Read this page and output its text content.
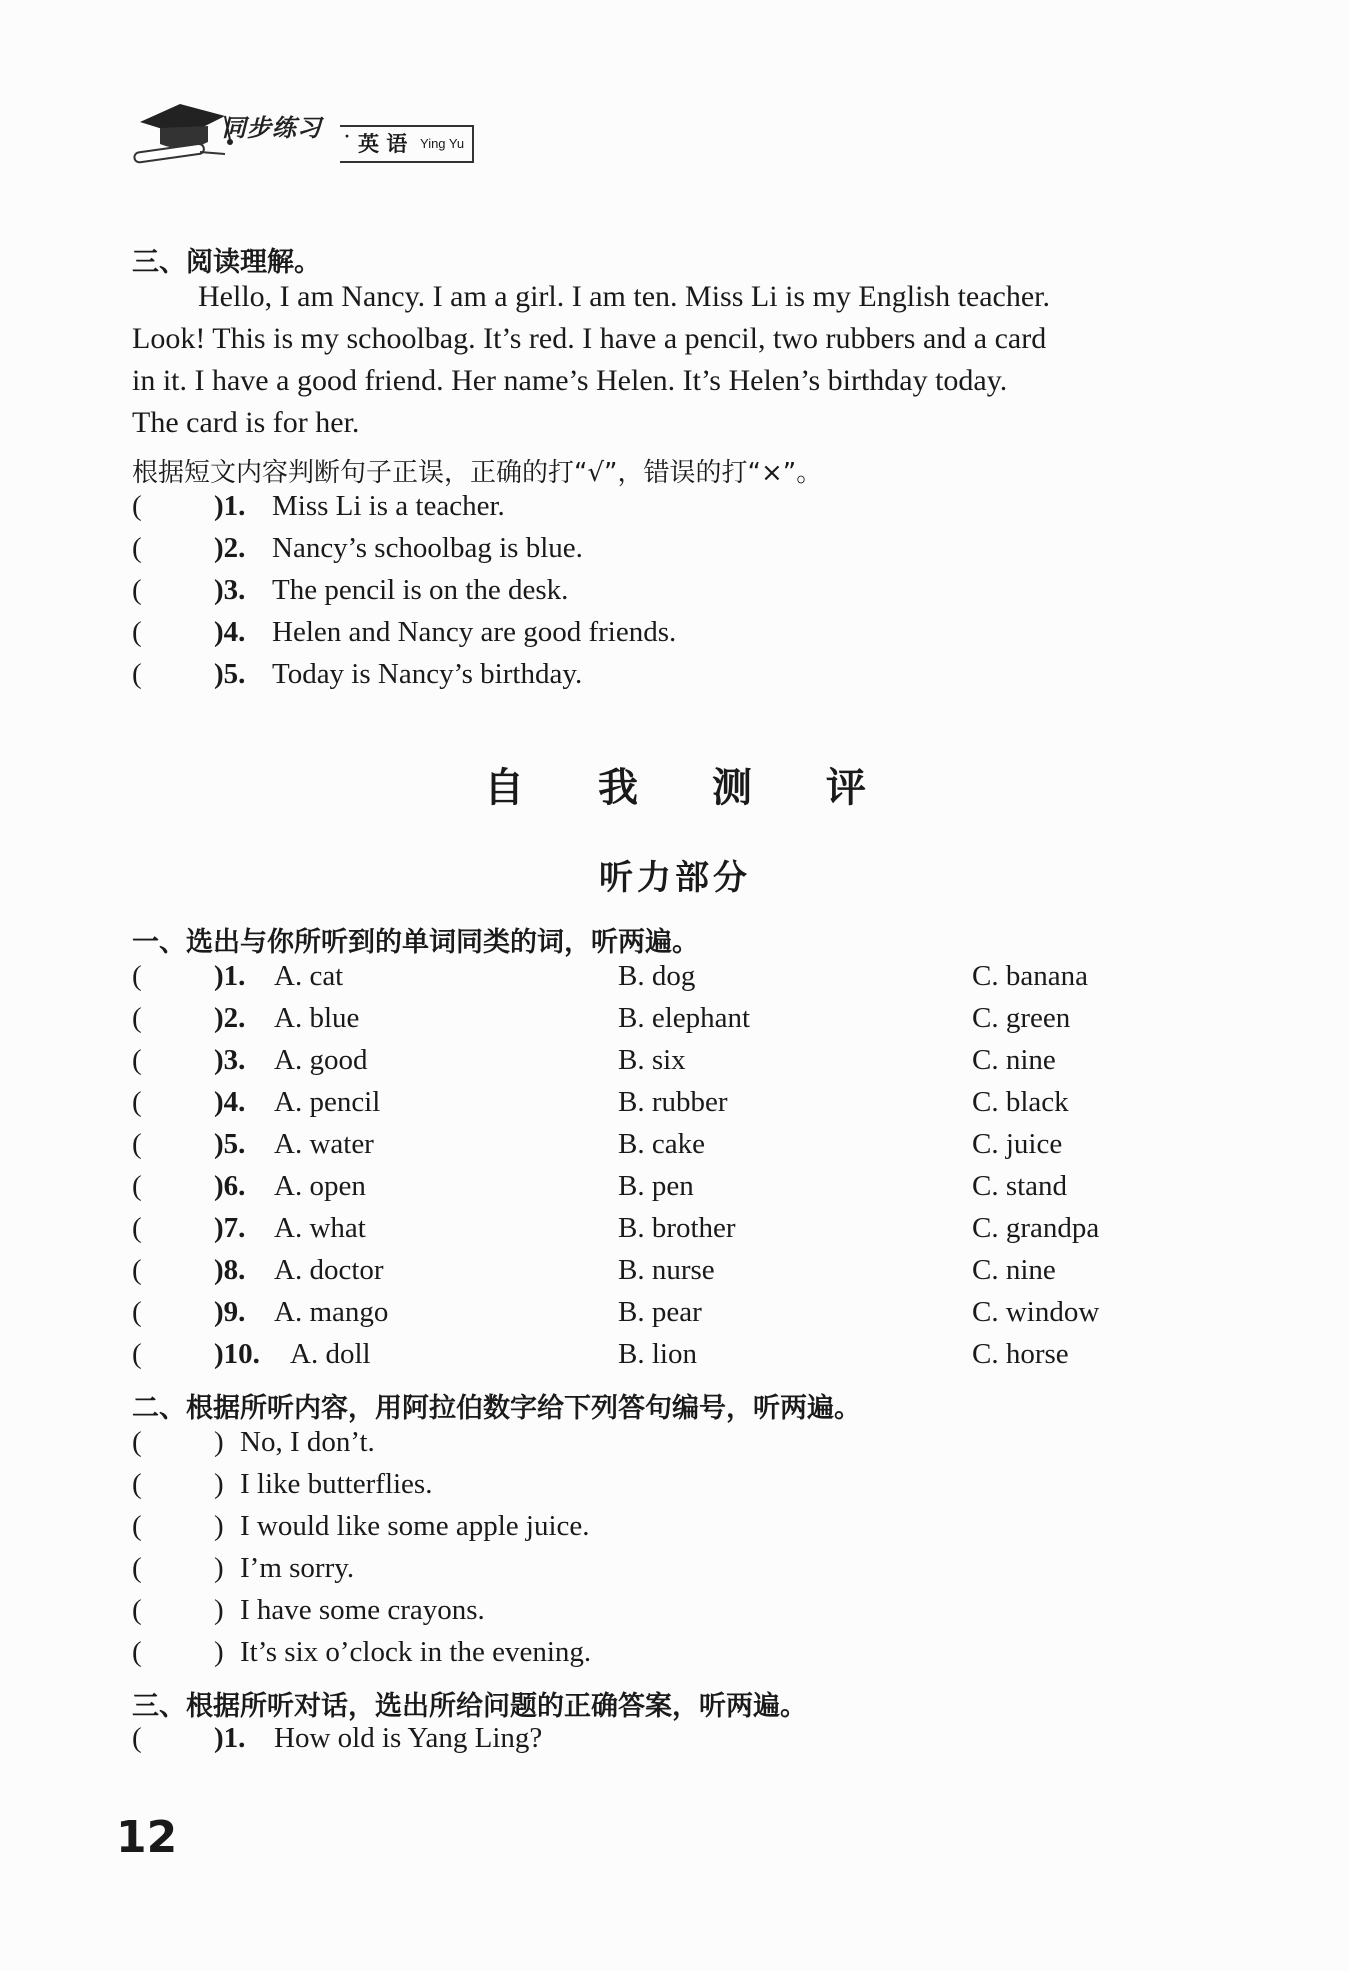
同步练习 · 英 语 Ying Yu
三、阅读理解。
Hello, I am Nancy. I am a girl. I am ten. Miss Li is my English teacher.
Look! This is my schoolbag. It’s red. I have a pencil, two rubbers and a card
in it. I have a good friend. Her name’s Helen. It’s Helen’s birthday today.
The card is for her.
根据短文内容判断句子正误，正确的打“√”，错误的打“×”。
( )1. Miss Li is a teacher.
( )2. Nancy’s schoolbag is blue.
( )3. The pencil is on the desk.
( )4. Helen and Nancy are good friends.
( )5. Today is Nancy’s birthday.
自 我 测 评
听力部分
一、选出与你所听到的单词同类的词，听两遍。
( )1. A. cat	B. dog	C. banana
( )2. A. blue	B. elephant	C. green
( )3. A. good	B. six	C. nine
( )4. A. pencil	B. rubber	C. black
( )5. A. water	B. cake	C. juice
( )6. A. open	B. pen	C. stand
( )7. A. what	B. brother	C. grandpa
( )8. A. doctor	B. nurse	C. nine
( )9. A. mango	B. pear	C. window
( )10. A. doll	B. lion	C. horse
二、根据所听内容，用阿拉伯数字给下列答句编号，听两遍。
( ) No, I don’t.
( ) I like butterflies.
( ) I would like some apple juice.
( ) I’m sorry.
( ) I have some crayons.
( ) It’s six o’clock in the evening.
三、根据所听对话，选出所给问题的正确答案，听两遍。
( )1. How old is Yang Ling?
12
